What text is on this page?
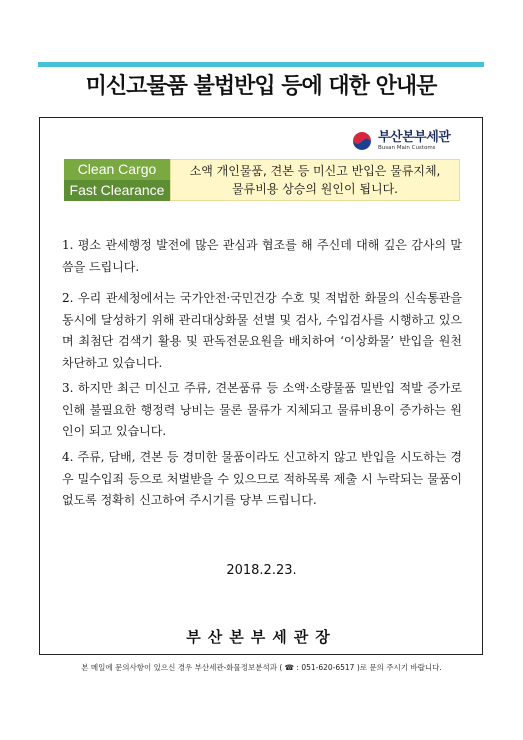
미신고물품 불법반입 등에 대한 안내문
부산본부세관
Busan Main Customs
Clean Cargo
Fast Clearance
소액 개인물품, 견본 등 미신고 반입은 물류지체,
물류비용 상승의 원인이 됩니다.
1. 평소 관세행정 발전에 많은 관심과 협조를 해 주신데 대해 깊은 감사의 말씀을 드립니다.
2. 우리 관세청에서는 국가안전·국민건강 수호 및 적법한 화물의 신속통관을 동시에 달성하기 위해 관리대상화물 선별 및 검사, 수입검사를 시행하고 있으며 최첨단 검색기 활용 및 판독전문요원을 배치하여 ‘이상화물’ 반입을 원천 차단하고 있습니다.
3. 하지만 최근 미신고 주류, 견본품류 등 소액·소량물품 밀반입 적발 증가로 인해 불필요한 행정력 낭비는 물론 물류가 지체되고 물류비용이 증가하는 원인이 되고 있습니다.
4. 주류, 담배, 견본 등 경미한 물품이라도 신고하지 않고 반입을 시도하는 경우 밀수입죄 등으로 처벌받을 수 있으므로 적하목록 제출 시 누락되는 물품이 없도록 정확히 신고하여 주시기를 당부 드립니다.
2018.2.23.
부산본부세관장
본 메일에 문의사항이 있으신 경우 부산세관-화물정보분석과 ( ☎ : 051-620-6517 )로 문의 주시기 바랍니다.
